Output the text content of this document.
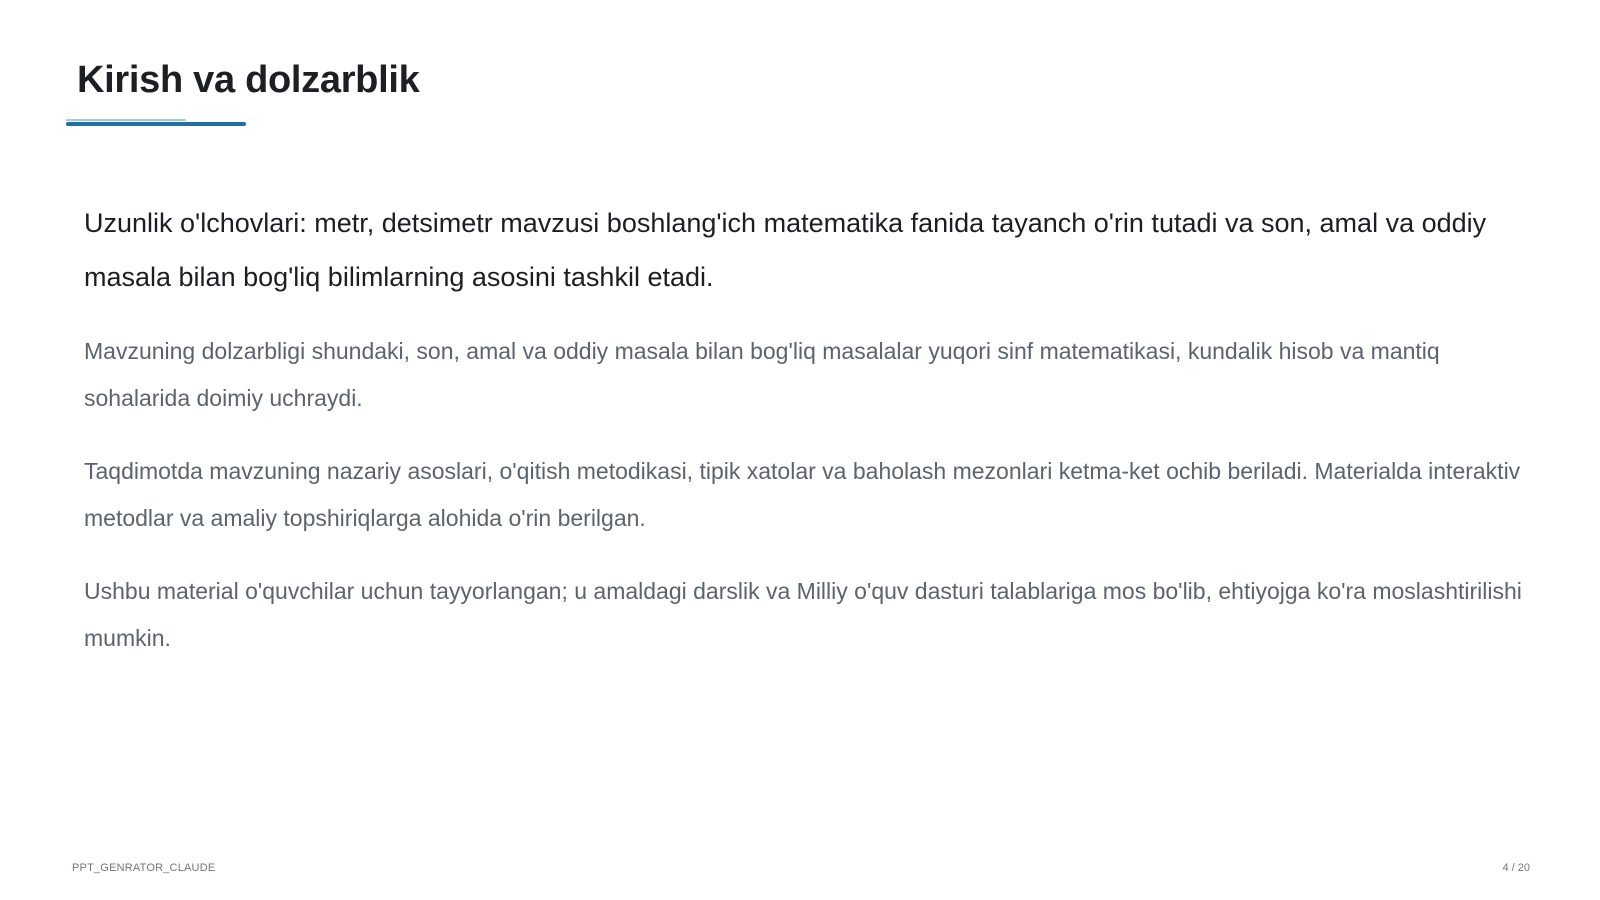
Kirish va dolzarblik

Uzunlik o'lchovlari: metr, detsimetr mavzusi boshlang'ich matematika fanida tayanch o'rin tutadi va son, amal va oddiy masala bilan bog'liq bilimlarning asosini tashkil etadi.

Mavzuning dolzarbligi shundaki, son, amal va oddiy masala bilan bog'liq masalalar yuqori sinf matematikasi, kundalik hisob va mantiq sohalarida doimiy uchraydi.

Taqdimotda mavzuning nazariy asoslari, o'qitish metodikasi, tipik xatolar va baholash mezonlari ketma-ket ochib beriladi. Materialda interaktiv metodlar va amaliy topshiriqlarga alohida o'rin berilgan.

Ushbu material o'quvchilar uchun tayyorlangan; u amaldagi darslik va Milliy o'quv dasturi talablariga mos bo'lib, ehtiyojga ko'ra moslashtirilishi mumkin.

PPT_GENRATOR_CLAUDE	4 / 20
